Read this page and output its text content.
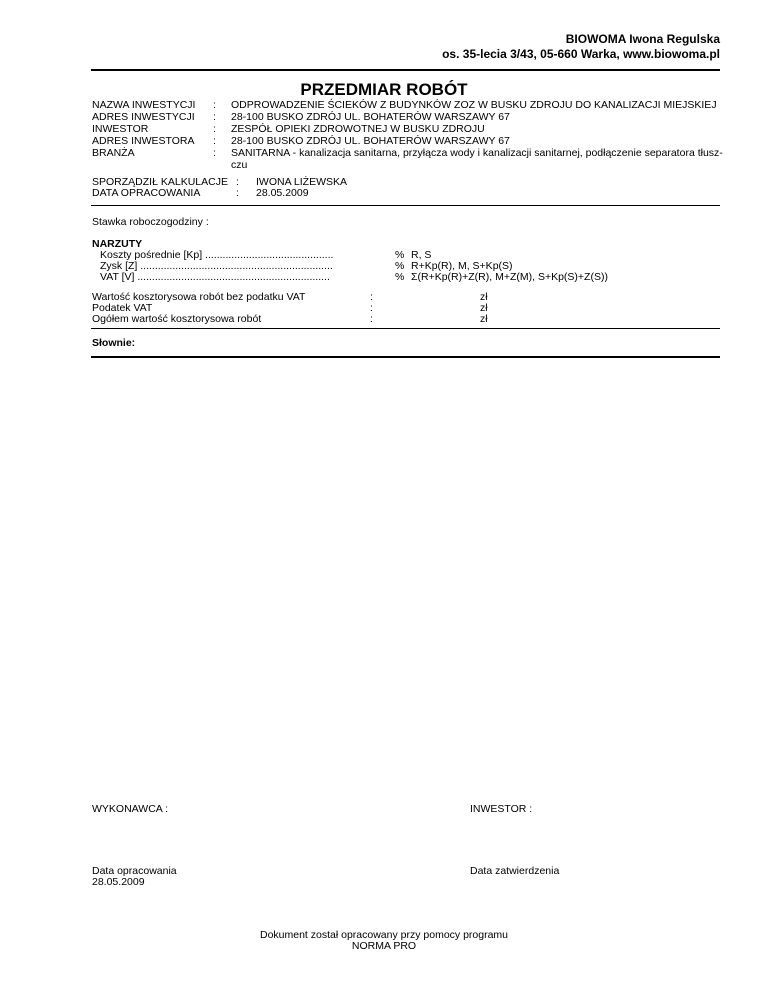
BIOWOMA Iwona Regulska
os. 35-lecia 3/43, 05-660 Warka, www.biowoma.pl
PRZEDMIAR ROBÓT
NAZWA INWESTYCJI	: ODPROWADZENIE ŚCIEKÓW Z BUDYNKÓW ZOZ W BUSKU ZDROJU DO KANALIZACJI MIEJSKIEJ
ADRES INWESTYCJI	: 28-100 BUSKO ZDRÓJ UL. BOHATERÓW WARSZAWY 67
INWESTOR	: ZESPÓŁ OPIEKI ZDROWOTNEJ W BUSKU ZDROJU
ADRES INWESTORA	: 28-100 BUSKO ZDRÓJ UL. BOHATERÓW WARSZAWY 67
BRANŻA	: SANITARNA - kanalizacja sanitarna, przyłącza wody i kanalizacji sanitarnej, podłączenie separatora tłusz-
czu
SPORZĄDZIŁ KALKULACJE : IWONA LIŻEWSKA
DATA OPRACOWANIA	: 28.05.2009
Stawka roboczogodziny :
NARZUTY
Koszty pośrednie [Kp] ............................................	% R, S
Zysk [Z] ..................................................................	% R+Kp(R), M, S+Kp(S)
VAT [V] ..................................................................	% Σ(R+Kp(R)+Z(R), M+Z(M), S+Kp(S)+Z(S))
Wartość kosztorysowa robót bez podatku VAT	:	zł
Podatek VAT	:	zł
Ogółem wartość kosztorysowa robót	:	zł
Słownie:
WYKONAWCA :	INWESTOR :
Data opracowania
28.05.2009
Data zatwierdzenia
Dokument został opracowany przy pomocy programu
NORMA PRO
